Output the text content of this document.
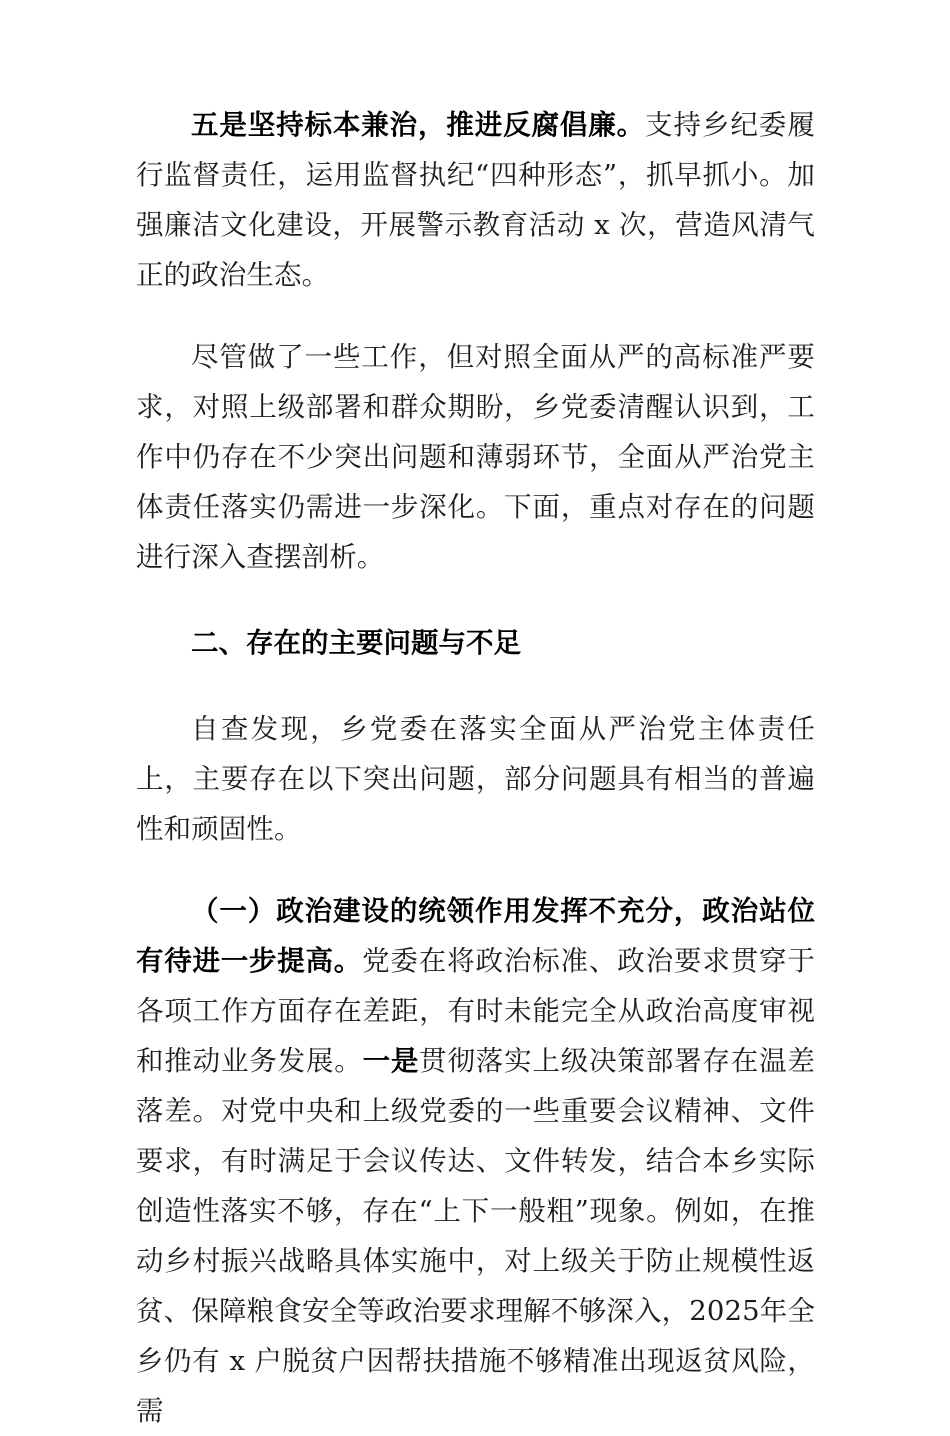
五是坚持标本兼治，推进反腐倡廉。支持乡纪委履行监督责任，运用监督执纪“四种形态”，抓早抓小。加强廉洁文化建设，开展警示教育活动 x 次，营造风清气正的政治生态。

尽管做了一些工作，但对照全面从严的高标准严要求，对照上级部署和群众期盼，乡党委清醒认识到，工作中仍存在不少突出问题和薄弱环节，全面从严治党主体责任落实仍需进一步深化。下面，重点对存在的问题进行深入查摆剖析。

二、存在的主要问题与不足

自查发现，乡党委在落实全面从严治党主体责任上，主要存在以下突出问题，部分问题具有相当的普遍性和顽固性。

（一）政治建设的统领作用发挥不充分，政治站位有待进一步提高。党委在将政治标准、政治要求贯穿于各项工作方面存在差距，有时未能完全从政治高度审视和推动业务发展。一是贯彻落实上级决策部署存在温差落差。对党中央和上级党委的一些重要会议精神、文件要求，有时满足于会议传达、文件转发，结合本乡实际创造性落实不够，存在“上下一般粗”现象。例如，在推动乡村振兴战略具体实施中，对上级关于防止规模性返贫、保障粮食安全等政治要求理解不够深入，2025年全乡仍有 x 户脱贫户因帮扶措施不够精准出现返贫风险，需
